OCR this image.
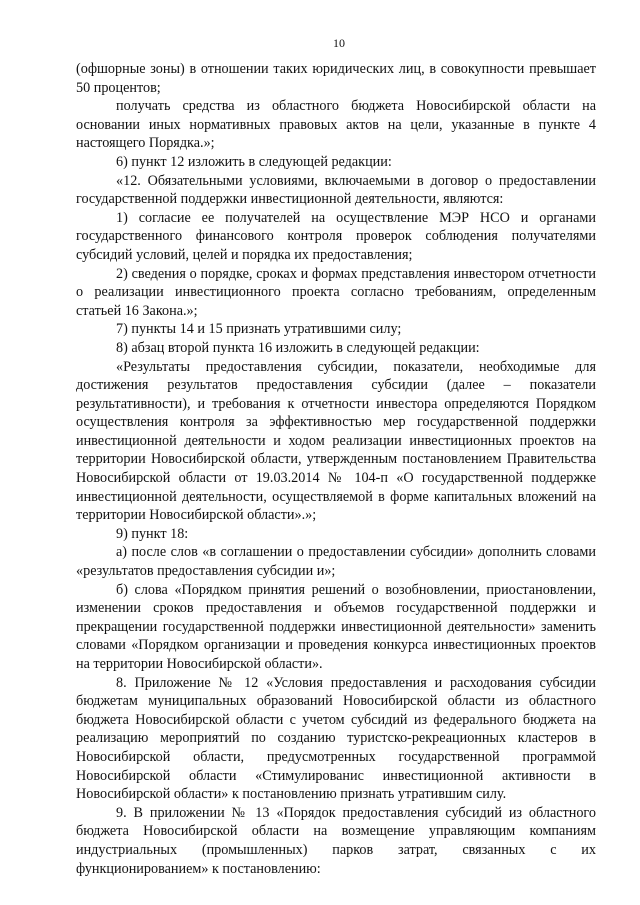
10

(офшорные зоны) в отношении таких юридических лиц, в совокупности превышает 50 процентов;

получать средства из областного бюджета Новосибирской области на основании иных нормативных правовых актов на цели, указанные в пункте 4 настоящего Порядка.»;

6) пункт 12 изложить в следующей редакции:

«12. Обязательными условиями, включаемыми в договор о предоставлении государственной поддержки инвестиционной деятельности, являются:

1) согласие ее получателей на осуществление МЭР НСО и органами государственного финансового контроля проверок соблюдения получателями субсидий условий, целей и порядка их предоставления;

2) сведения о порядке, сроках и формах представления инвестором отчетности о реализации инвестиционного проекта согласно требованиям, определенным статьей 16 Закона.»;

7) пункты 14 и 15 признать утратившими силу;

8) абзац второй пункта 16 изложить в следующей редакции:

«Результаты предоставления субсидии, показатели, необходимые для достижения результатов предоставления субсидии (далее – показатели результативности), и требования к отчетности инвестора определяются Порядком осуществления контроля за эффективностью мер государственной поддержки инвестиционной деятельности и ходом реализации инвестиционных проектов на территории Новосибирской области, утвержденным постановлением Правительства Новосибирской области от 19.03.2014 № 104-п «О государственной поддержке инвестиционной деятельности, осуществляемой в форме капитальных вложений на территории Новосибирской области».»;

9) пункт 18:

а) после слов «в соглашении о предоставлении субсидии» дополнить словами «результатов предоставления субсидии и»;

б) слова «Порядком принятия решений о возобновлении, приостановлении, изменении сроков предоставления и объемов государственной поддержки и прекращении государственной поддержки инвестиционной деятельности» заменить словами «Порядком организации и проведения конкурса инвестиционных проектов на территории Новосибирской области».

8. Приложение № 12 «Условия предоставления и расходования субсидии бюджетам муниципальных образований Новосибирской области из областного бюджета Новосибирской области с учетом субсидий из федерального бюджета на реализацию мероприятий по созданию туристско-рекреационных кластеров в Новосибирской области, предусмотренных государственной программой Новосибирской области «Стимулированис инвестиционной активности в Новосибирской области» к постановлению признать утратившим силу.

9. В приложении № 13 «Порядок предоставления субсидий из областного бюджета Новосибирской области на возмещение управляющим компаниям индустриальных (промышленных) парков затрат, связанных с их функционированием» к постановлению:
